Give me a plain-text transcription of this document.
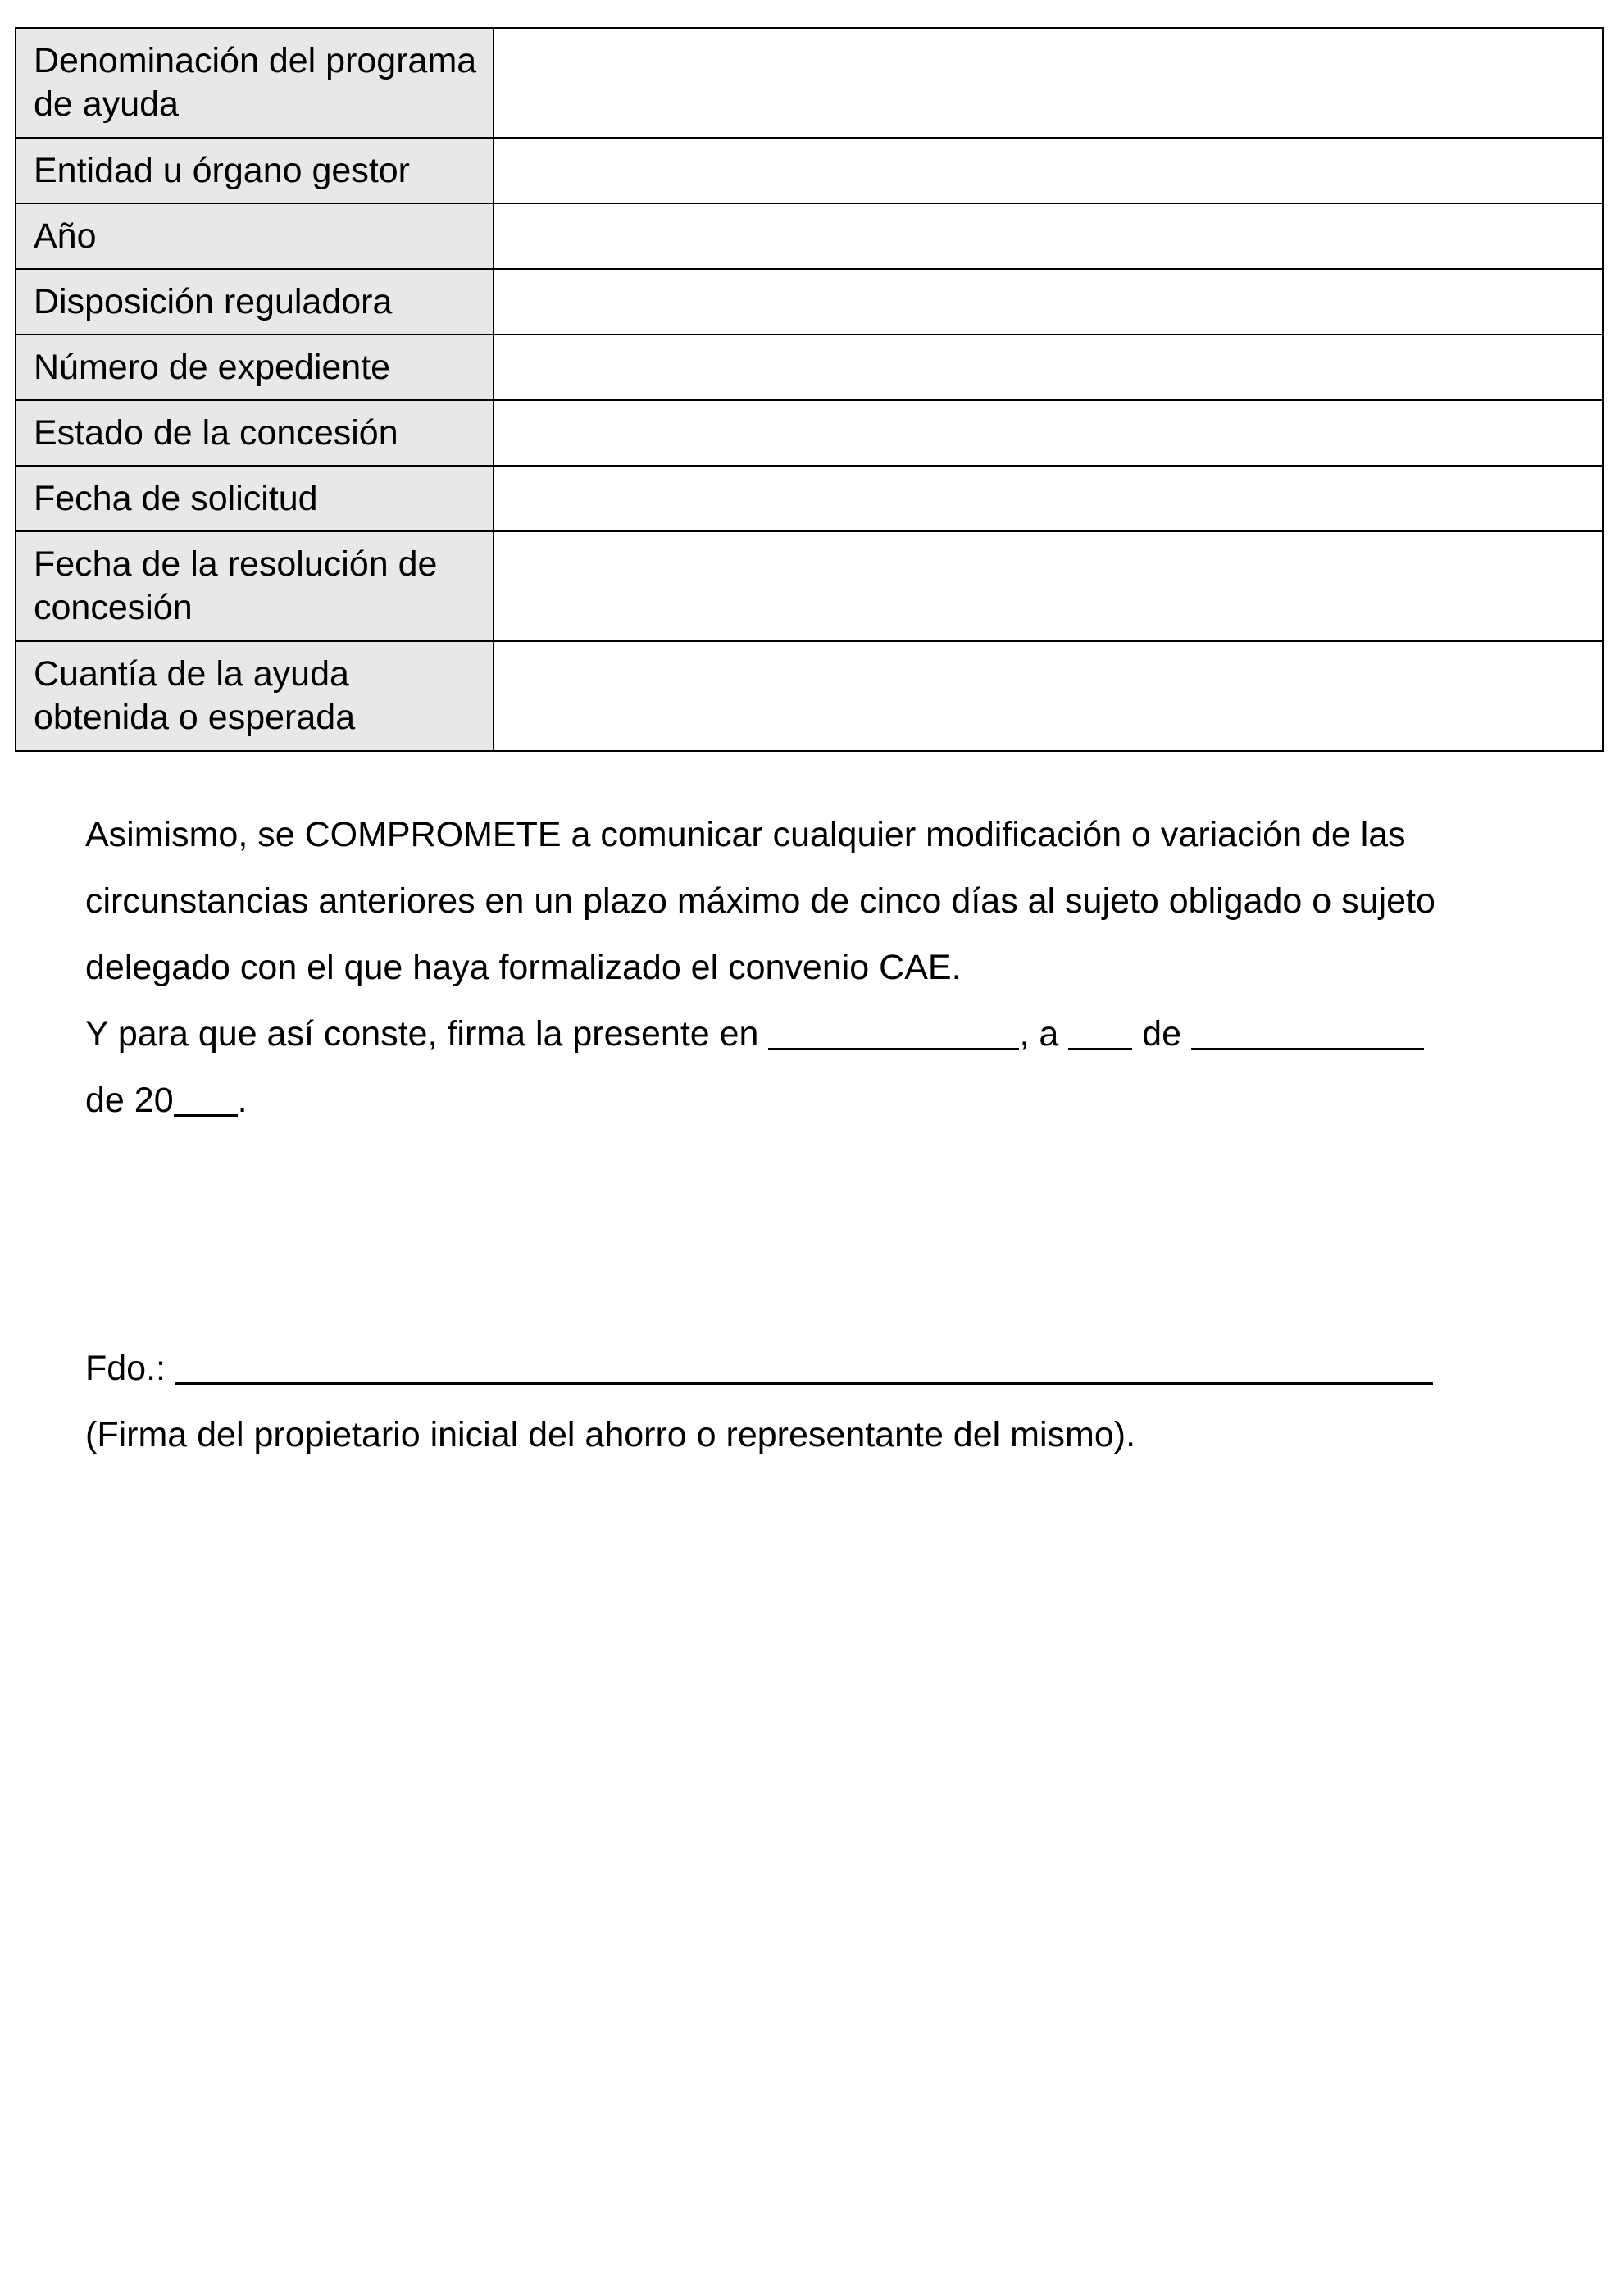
Denominación del programa de ayuda	
Entidad u órgano gestor	
Año	
Disposición reguladora	
Número de expediente	
Estado de la concesión	
Fecha de solicitud	
Fecha de la resolución de concesión	
Cuantía de la ayuda obtenida o esperada	

Asimismo, se COMPROMETE a comunicar cualquier modificación o variación de las circunstancias anteriores en un plazo máximo de cinco días al sujeto obligado o sujeto delegado con el que haya formalizado el convenio CAE.

Y para que así conste, firma la presente en	, a de

de 20 .

Fdo.:

(Firma del propietario inicial del ahorro o representante del mismo).
